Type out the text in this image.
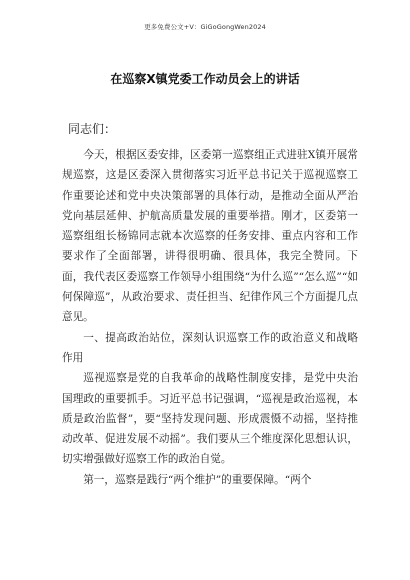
更多免费公文+V：GiGoGongWen2024
在巡察X镇党委工作动员会上的讲话
同志们：

今天，根据区委安排，区委第一巡察组正式进驻X镇开展常规巡察，这是区委深入贯彻落实习近平总书记关于巡视巡察工作重要论述和党中央决策部署的具体行动，是推动全面从严治党向基层延伸、护航高质量发展的重要举措。刚才，区委第一巡察组组长杨锦同志就本次巡察的任务安排、重点内容和工作要求作了全面部署，讲得很明确、很具体，我完全赞同。下面，我代表区委巡察工作领导小组围绕“为什么巡”“怎么巡”“如何保障巡”，从政治要求、责任担当、纪律作风三个方面提几点意见。

一、提高政治站位，深刻认识巡察工作的政治意义和战略作用

巡视巡察是党的自我革命的战略性制度安排，是党中央治国理政的重要抓手。习近平总书记强调，“巡视是政治巡视，本质是政治监督”，要“坚持发现问题、形成震慑不动摇，坚持推动改革、促进发展不动摇”。我们要从三个维度深化思想认识，切实增强做好巡察工作的政治自觉。

第一，巡察是践行“两个维护”的重要保障。“两个
